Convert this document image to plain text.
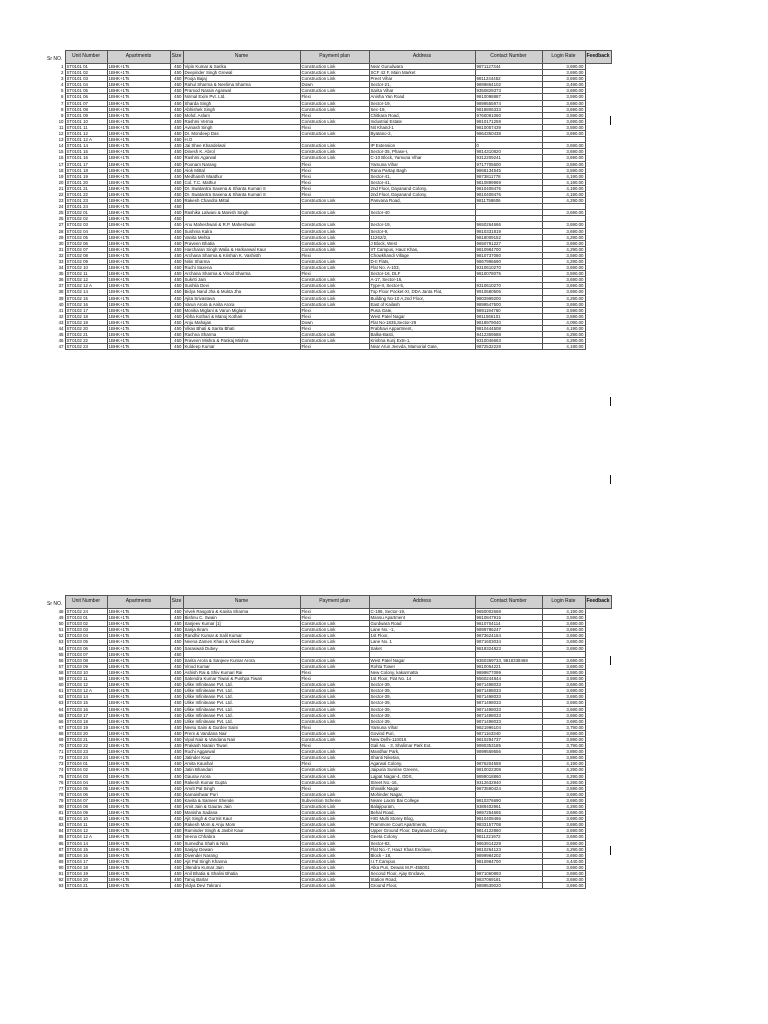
Sr NO.
	Unit Number	Apartments	Size	Name	Payment plan	Address	Contact Number	Login Rate	Feedback
1	ST0101 01	1BHK+1Ts	450	Vipin Kumar & Sarika	Construction Link	Near Gurudwara	9871127344	3,690.00	
2	ST0101 02	1BHK+1Ts	450	Deepinder Singh Grewal	Construction Link	SCF 42 F, Main Market		3,690.00	
3	ST0101 03	1BHK+1Ts	450	Pooja Bajaj	Construction Link	Preet Vihar	9811244452	3,690.00	
4	ST0101 04	1BHK+1Ts	450	Rahul Sharma & Neelima Sharma	Down	Sector-21,	9899864102	3,490.00	
5	ST0101 05	1BHK+1Ts	450	Pramod Narain Agarwal	Construction Link	Sarita Vihar	9350829373	3,690.00	
6	ST0101 06	1BHK+1Ts	450	Nirmal Exim Pvt. Ltd.	Flexi	Anisha Yan Road	9810098887	3,590.00	
7	ST0101 07	1BHK+1Ts	450	Sharda Singh	Construction Link	Sector-19,	9899555974	3,690.00	
8	ST0101 08	1BHK+1Ts	450	Abhishek Singh	Construction Link	Sec-19,	9818806333	3,690.00	
9	ST0101 09	1BHK+1Ts	450	Mohd. Aslam	Flexi	Chitkara Road,	9760091060	3,590.00	
10	ST0101 10	1BHK+1Ts	450	Rashmi Verma	Construction Link	Industrial Estate	9810171259	3,690.00	
11	ST0101 11	1BHK+1Ts	450	Avinash Singh	Flexi	Nit Khand-1	9810057439	3,590.00	
12	ST0101 12	1BHK+1Ts	450	Dr. Mondeep Das	Construction Link	Byatano-2,	9864350438	3,690.00	
13	ST0101 12 A	1BHK+1Ts	450	H.O					
14	ST0101 14	1BHK+1Ts	450	Jai Shee Khandelwal	Construction Link	IP Extension	0	3,690.00	
15	ST0101 15	1BHK+1Ts	450	Dinesh K. Abrol	Construction Link	Sector-35, Phase-I,	9814310820	3,690.00	
16	ST0101 16	1BHK+1Ts	450	Rashmi Agarwal	Construction Link	C-10 Block, Yamuna Vihar	9312209241	3,690.00	
17	ST0101 17	1BHK+1Ts	450	Poonam Narang	Flexi	Yamuna Vihar	9717705600	3,590.00	
18	ST0101 18	1BHK+1Ts	450	Alok Mittal	Flexi	Rana Partap Bagh	9868134545	3,590.00	
19	ST0101 19	1BHK+1Ts	450	Medhansh Maathur	Flexi	Sector-41,	9873811778	4,190.00	
20	ST0101 20	1BHK+1Ts	450	Col. T.C. Mathur	Flexi	Sector-41,	9810899969	4,190.00	
21	ST0101 21	1BHK+1Ts	450	Dr. Swatantra Saxena & Shanta Kumari S	Flexi	2nd Floor, Dayanand Colony,	9810409476	4,190.00	
22	ST0101 22	1BHK+1Ts	450	Dr. Swatantra Saxena & Shanta Kumari S	Flexi	2nd Floor, Dayanand Colony,	9810409476	4,190.00	
23	ST0101 23	1BHK+1Ts	450	Rakesh Chandra Mittal	Construction Link	Panvana Road,	9811758606	4,290.00	
24	ST0101 24	1BHK+1Ts	450						
25	ST0102 01	1BHK+1Ts	450	Rashika Lalwani & Manish Singh	Construction Link	Sector-40		3,690.00	
26	ST0102 02	1BHK+1Ts	450						
27	ST0102 03	1BHK+1Ts	450	Anu Maheshwari & R.P. Maheshwari	Construction Link	Sector-19,	9650264666	3,690.00	
28	ST0102 04	1BHK+1Ts	450	Sushma Kalra	Construction Link	Sector-9,	9810331819	3,690.00	
29	ST0102 05	1BHK+1Ts	450	Vanita Mehta	Construction Link	11262/2,	9818009152	4,290.00	
30	ST0102 06	1BHK+1Ts	450	Praveen Bhatia	Construction Link	J Block, West	9650791227	3,690.00	
31	ST0102 07	1BHK+1Ts	450	Harcharan Singh Walia & Harkanwal Kaur	Construction Link	IIT Campus, Hauz Khas,	9810984700	4,290.00	
32	ST0102 08	1BHK+1Ts	450	Archana Sharma & Krishan K. Vashisth	Flexi	Chowkhandi Village	9810737080	3,590.00	
33	ST0102 09	1BHK+1Ts	450	Nitin Sharma	Construction Link	D-II Flats,	9867996690	4,290.00	
34	ST0102 10	1BHK+1Ts	450	Ruchi Saxena	Construction Link	Flat No. A-103,	9310610270	3,690.00	
35	ST0102 11	1BHK+1Ts	450	Archana Sharma & Vinod Sharma	Flexi	Sector-16, DLF	9810078075	3,590.00	
36	ST0102 12	1BHK+1Ts	450	Sukriti Jain	Construction Link	A-17, Sector-16,		3,690.00	
37	ST0102 12 A	1BHK+1Ts	450	Sushila Devi	Construction Link	Type-II, Sector-5,	9310610270	3,690.00	
38	ST0102 14	1BHK+1Ts	450	Bidya Nand Jha & Mukta Jha	Construction Link	Top Floor Pocket-XI, DDA Janta Flat,	9910580506	3,690.00	
39	ST0102 15	1BHK+1Ts	450	Ajita Srivastava	Construction Link	Building No-10 A,2nd Floor,	9802999200	4,290.00	
40	ST0102 16	1BHK+1Ts	450	Varun Arora & Anita Arora	Construction Link	East of Kailash	9899547500	3,690.00	
41	ST0102 17	1BHK+1Ts	450	Monika Miglani & Varun Miglani	Flexi	Pusa Gate,	9891194760	3,590.00	
42	ST0102 18	1BHK+1Ts	450	Abha Kothari & Manoj Kothari	Flexi	West Patel Nagar	9811566101	3,590.00	
43	ST0102 19	1BHK+1Ts	450	Anju Mahajan	Down	Flat No-1835,Sector-29	9818979040	4,090.00	
44	ST0102 20	1BHK+1Ts	450	Vikas Bhati & Sarita Bhati	Flexi	Prabhavi Appartment,	9810444508	4,190.00	
45	ST0102 21	1BHK+1Ts	450	Rachna Sharma	Construction Link	Balka-Basti,	9412359688	4,290.00	
46	ST0102 22	1BHK+1Ts	450	Praveen Mishra & Pankaj Mishra	Construction Link	Krishna Kunj Extn-1,	9310046663	4,290.00	
47	ST0102 23	1BHK+1Ts	450	Kuldeep Kumar	Flexi	Near Arun Jeevda, Mamorial Gate,	9872532228	4,190.00	
Sr NO.
	Unit Number	Apartments	Size	Name	Payment plan	Address	Contact Number	Login Rate	Feedback
48	ST0102 24	1BHK+1Ts	450	Vivek Rasgotra & Kavita Sharma	Flexi	C-185, Sector-19,	9650002668	4,190.00	
49	ST0103 01	1BHK+1Ts	450	Bishnu C. Swain	Flexi	Mansu Apartment	9810847915	3,590.00	
50	ST0103 02	1BHK+1Ts	450	Sanjeev Kumar [1]	Construction Link	Gurdwara Road	9810704114	3,690.00	
51	ST0103 03	1BHK+1Ts	450	Sanja Ikram	Construction Link	Lane No. -1,	9899786247	3,690.00	
52	ST0103 04	1BHK+1Ts	450	Randhir Kumar & Salil Kumar	Construction Link	1st Floor,	9873624154	3,690.00	
53	ST0103 05	1BHK+1Ts	450	Neena Zamen Khan & Vivek Dubey	Construction Link	Lane No. 1	9871603034	3,690.00	
54	ST0103 06	1BHK+1Ts	450	Saraswati Dubey	Construction Link	Saket	9818324823	3,690.00	
55	ST0103 07	1BHK+1Ts	450						
56	ST0103 08	1BHK+1Ts	450	Sarita Arora & Sanjeev Kumar Arora	Construction Link	West Patel Nagar	9350359733, 9818338468	3,690.00	
57	ST0103 09	1BHK+1Ts	450	Vinod Kumar	Construction Link	Rohta Tower	9810054221	3,690.00	
58	ST0103 10	1BHK+1Ts	450	Ashish Rai & Shiv Kumari Rai	Flexi	New Colony, kakarmatta	9899877099	3,590.00	
59	ST0103 11	1BHK+1Ts	450	Satendra Kumar Tiwari & Pushpa Tiwari	Flexi	1st Floor, Flat No. 14	9560244844	3,590.00	
60	ST0103 12	1BHK+1Ts	450	Ulike Infinitease Pvt. Ltd.	Construction Link	Sector-39,	9871498033	3,690.00	
61	ST0103 12 A	1BHK+1Ts	450	Ulike Infinitease Pvt. Ltd.	Construction Link	Sector-39,	9871498033	3,690.00	
62	ST0103 14	1BHK+1Ts	450	Ulike Infinitease Pvt. Ltd.	Construction Link	Sector-39,	9871498033	3,690.00	
63	ST0103 15	1BHK+1Ts	450	Ulike Infinitease Pvt. Ltd.	Construction Link	Sector-39,	9871498033	3,690.00	
64	ST0103 16	1BHK+1Ts	450	Ulike Infinitease Pvt. Ltd.	Construction Link	Sector-39,	9871498033	3,690.00	
65	ST0103 17	1BHK+1Ts	450	Ulike Infinitease Pvt. Ltd.	Construction Link	Sector-39,	9871498033	3,690.00	
66	ST0103 18	1BHK+1Ts	450	Ulike Infinitease Pvt. Ltd.	Construction Link	Sector-39,	9871498033	3,690.00	
67	ST0103 19	1BHK+1Ts	450	Neetu Saini & Gurdev Saini	Flexi	Yamuna Vihar	9821996104	3,790.00	
68	ST0103 20	1BHK+1Ts	450	Prem & Vandana Nair	Construction Link	Govind Puri,	9871163340	3,690.00	
69	ST0103 21	1BHK+1Ts	450	Vipul Nair & Vandana Nair	Construction Link	New Delhi-110016	9810294737	3,890.00	
70	ST0103 22	1BHK+1Ts	450	Prakash Narain Tiwari	Flexi	Gali No. - 3, Shalimar Park Ext.	9990353185	3,790.00	
71	ST0103 23	1BHK+1Ts	450	Ruchi Aggarwal	Construction Link	Mandhar Park,	9899559556	3,890.00	
72	ST0103 24	1BHK+1Ts	450	Jatinder Kaur	Construction Link	Shanti Niketan,		3,890.00	
73	ST0104 01	1BHK+1Ts	450	Amita Kaushal	Flexi	Agarwal Colony,	9876204559	4,190.00	
74	ST0104 02	1BHK+1Ts	450	Jatin Bhandari	Construction Link	Jaipuria Sunrise Greens,	9810022308	4,290.00	
75	ST0104 03	1BHK+1Ts	450	Gaurav Arora	Construction Link	Lajpat Nagar-4, ODS,	9899018860	4,290.00	
76	ST0104 04	1BHK+1Ts	450	Rakesh Kumar Gupta	Construction Link	Street No.-16,	9312632940	4,290.00	
77	ST0104 05	1BHK+1Ts	450	Amrit Pal Singh	Flexi	Shivalik Nagar	9873590424	3,590.00	
78	ST0104 06	1BHK+1Ts	450	Kamaishwar Puri	Construction Link	Mohinder Nagar,		3,690.00	
79	ST0104 07	1BHK+1Ts	450	Kavita & Sameer Shende	Subvention Scheme	Neare Laxmi Bai College	9810376690	3,690.00	
80	ST0104 08	1BHK+1Ts	450	Amit Jain & Gaurav Jain	Construction Link	Balajipuram,	9389402961	4,290.00	
81	ST0104 09	1BHK+1Ts	450	Manisha Sadana	Construction Link	Behal Road,	9897254665	3,690.00	
82	ST0104 10	1BHK+1Ts	450	Ajit Singh & Gurmit Kaur	Construction Link	HIG Multi Storey Blog,	9810409466	3,690.00	
83	ST0104 11	1BHK+1Ts	450	Rakesh Mom & Anju Mom	Construction Link	Frammore Court Apartments,	9833157708	3,690.00	
84	ST0104 12	1BHK+1Ts	450	Raminder Singh & Jasbir Kaur	Construction Link	Upper Ground Floor, Dayanand Colony,	9814122860	3,690.00	
85	ST0104 12 A	1BHK+1Ts	450	Veena Chhabra	Construction Link	Geeta Colony	9811221972	3,690.00	
86	ST0104 14	1BHK+1Ts	450	Sumedha Shah & Nita	Construction Link	Sector-82,	9953914229	3,690.00	
87	ST0104 15	1BHK+1Ts	450	Sanjay Dewan	Construction Link	Flat No.-7, Hauz Khas Enclave,	9810264123	4,290.00	
88	ST0104 16	1BHK+1Ts	450	Divender Narang	Construction Link	Block - 18,	9899984202	3,690.00	
89	ST0104 17	1BHK+1Ts	450	Ajit Pal Singh Khanna	Construction Link	I.I.T.Campus	9810984700	4,440.00	
90	ST0104 18	1BHK+1Ts	450	Jitendra Kumar Jain	Construction Link	Alka Puri, Dewas M.P.-455001		3,690.00	
91	ST0104 19	1BHK+1Ts	450	Anil Bhatia & Shalini Bhatia	Construction Link	Second Floor, Ajay Enclave,	9871060893	3,690.00	
92	ST0104 20	1BHK+1Ts	450	Tanuj Bartar	Construction Link	Station Road,	9837069181	3,690.00	
93	ST0104 21	1BHK+1Ts	450	Vidya Devi Takrani	Construction Link	Ground Floor,	9899539020	3,690.00	
